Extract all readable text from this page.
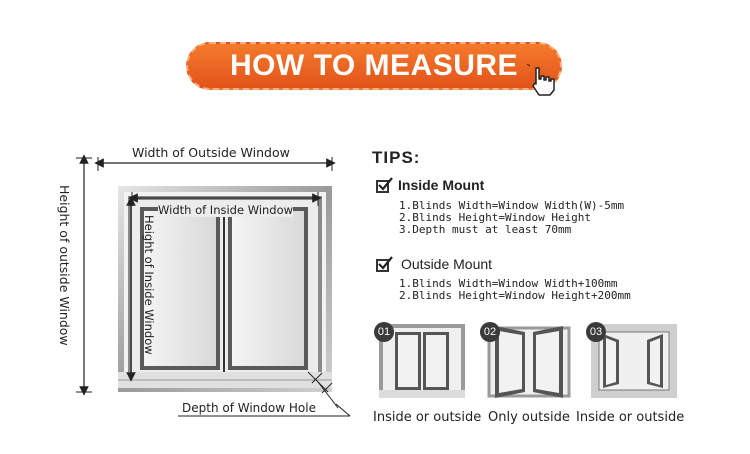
HOW TO MEASURE
Width of Outside Window
Height of outside Window	Width of Inside Window
Height of Inside Window
Depth of Window Hole
TIPS:
Inside Mount
1.Blinds Width=Window Width(W)-5mm
2.Blinds Height=Window Height
3.Depth must at least 70mm
Outside Mount
1.Blinds Width=Window Width+100mm
2.Blinds Height=Window Height+200mm
01
Inside or outside
02
Only outside
03
Inside or outside
